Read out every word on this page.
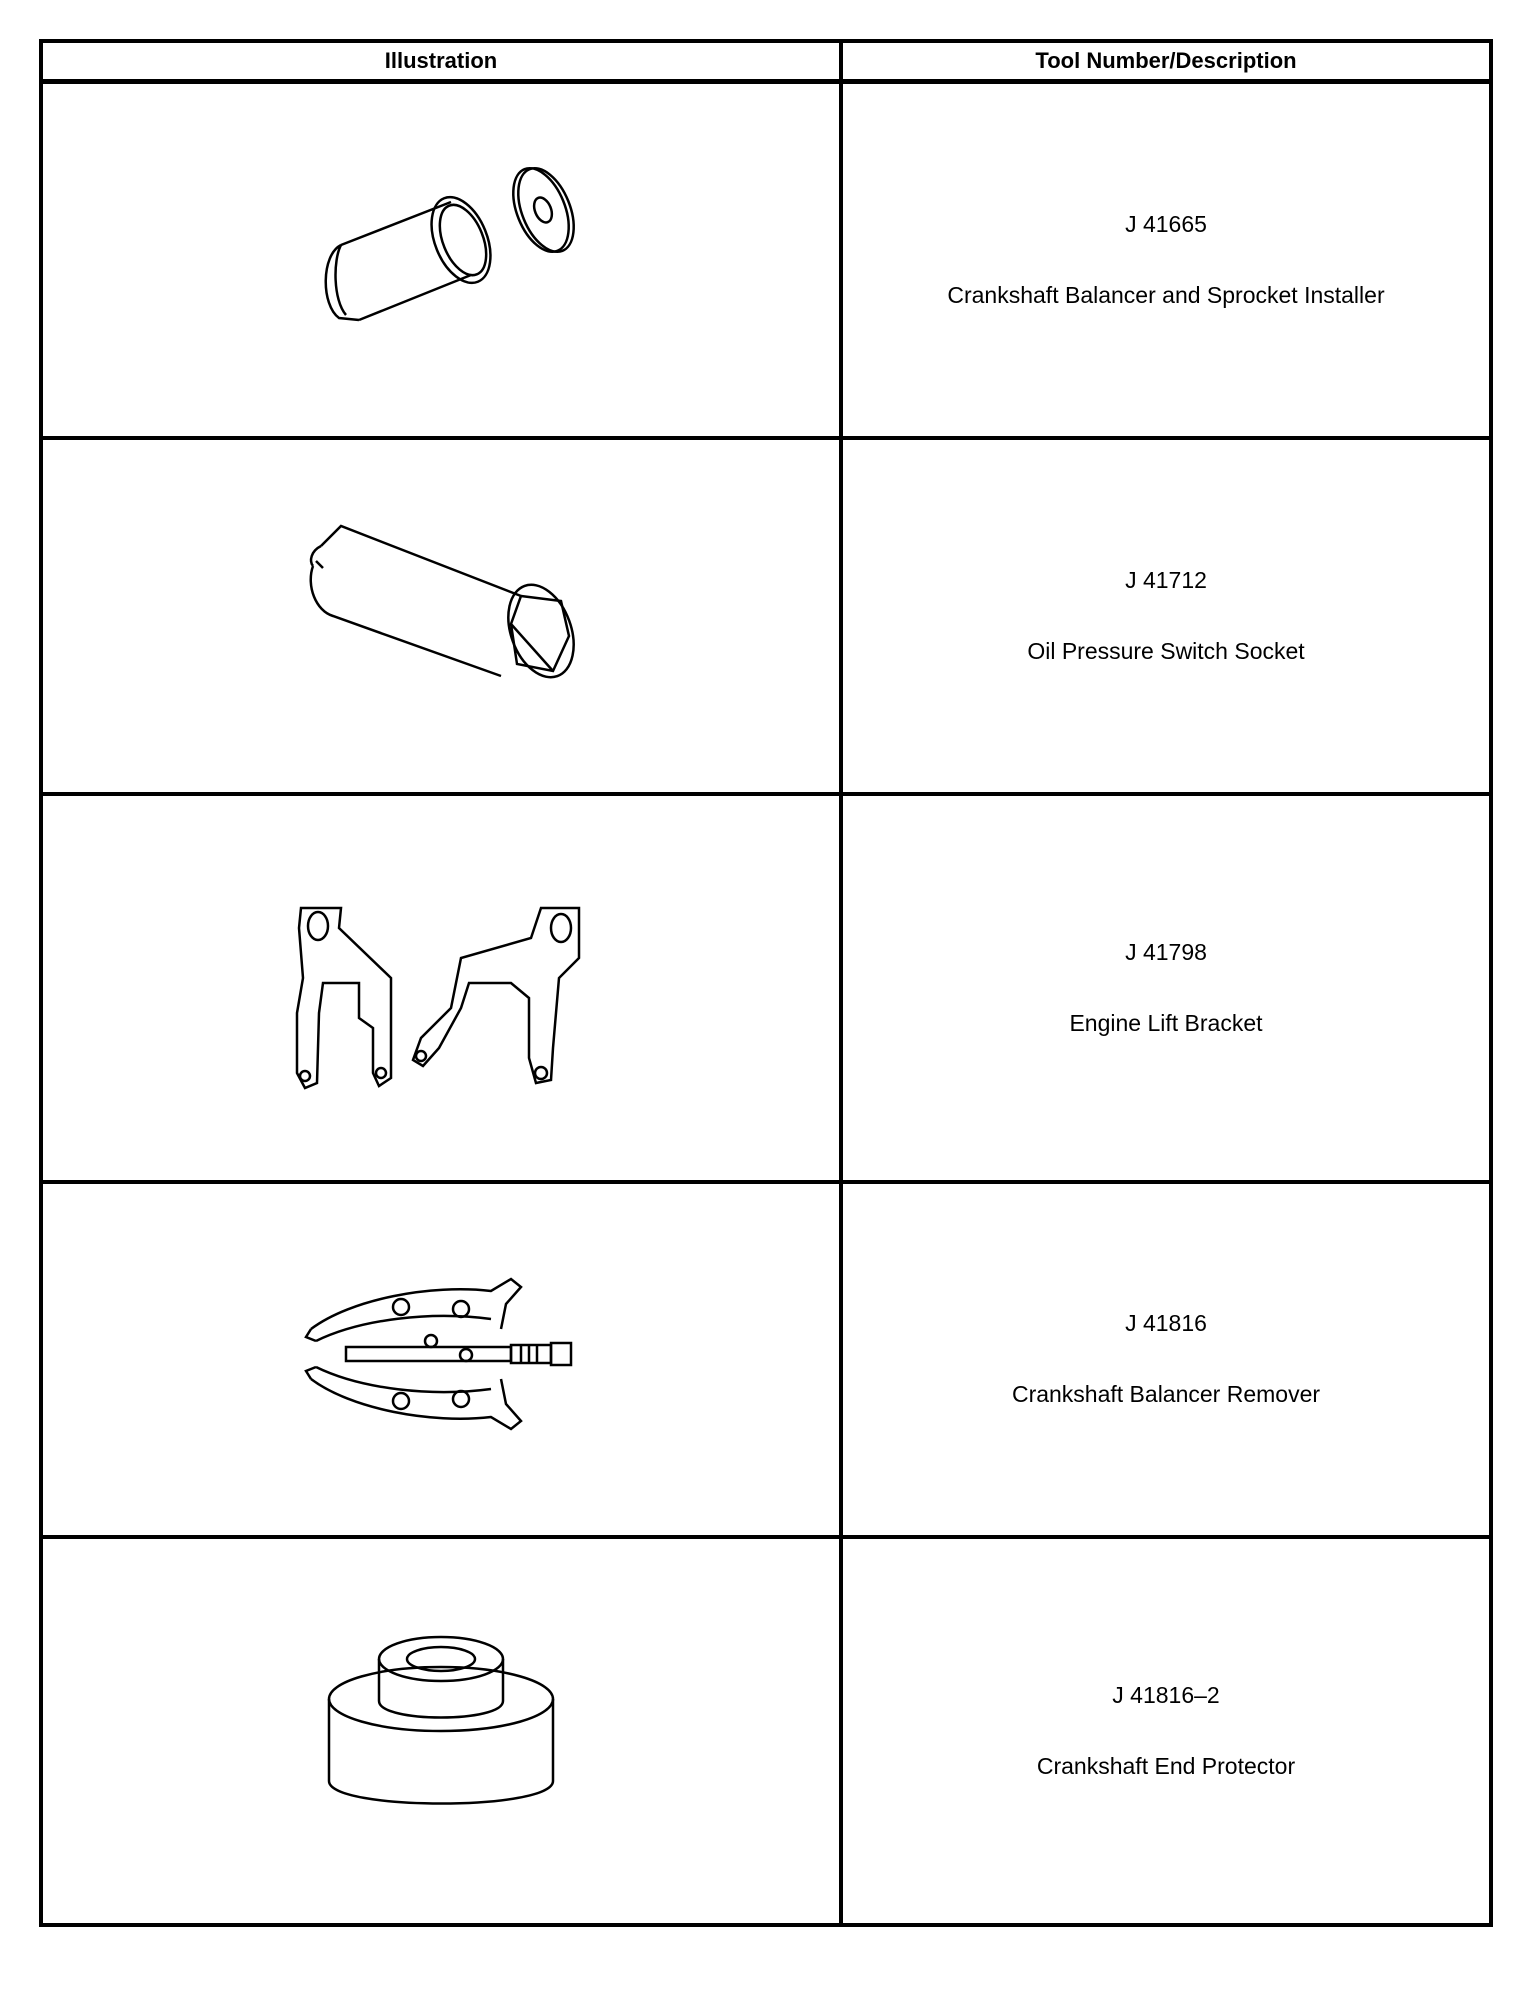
Illustration	Tool Number/Description

J 41665
Crankshaft Balancer and Sprocket Installer

J 41712
Oil Pressure Switch Socket

J 41798
Engine Lift Bracket

J 41816
Crankshaft Balancer Remover

J 41816–2
Crankshaft End Protector
